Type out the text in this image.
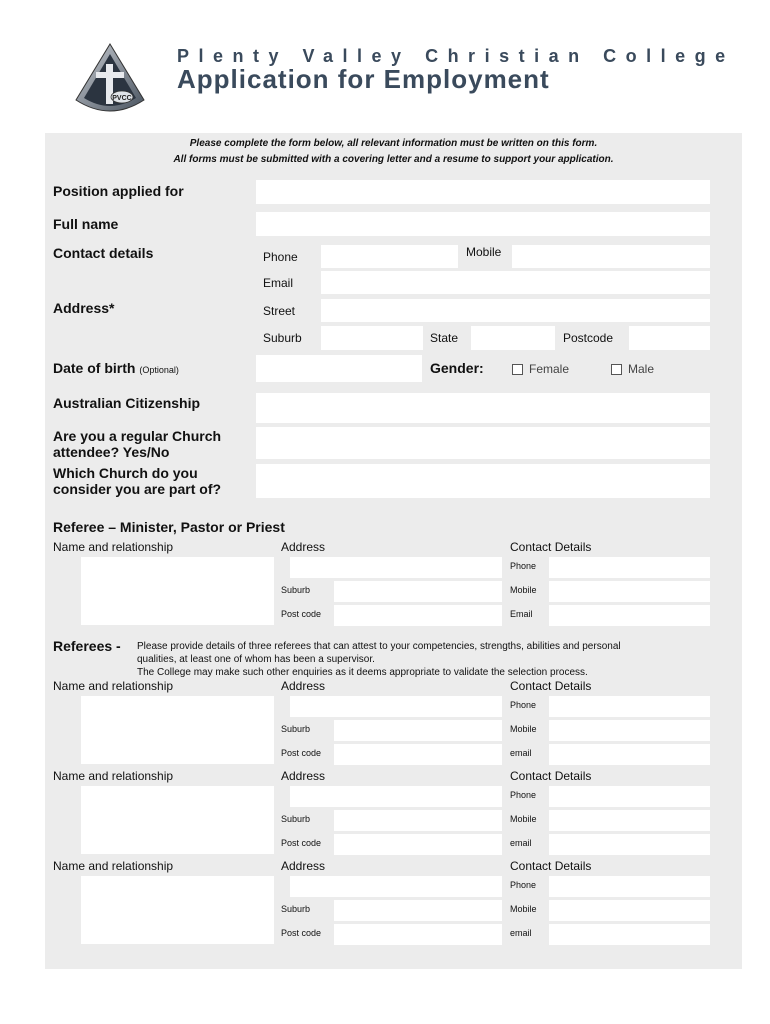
PVCC
Plenty Valley Christian College
Application for Employment
Please complete the form below, all relevant information must be written on this form.
All forms must be submitted with a covering letter and a resume to support your application.
Position applied for
Full name
Contact details	Phone	Mobile
Email
Address*	Street
Suburb	State	Postcode
Date of birth (Optional)	Gender:	Female	Male
Australian Citizenship
Are you a regular Church
attendee? Yes/No
Which Church do you
consider you are part of?
Referee – Minister, Pastor or Priest
Name and relationship	Address	Contact Details
Phone
Suburb	Mobile
Post code	Email
Referees - Please provide details of three referees that can attest to your competencies, strengths, abilities and personal
qualities, at least one of whom has been a supervisor.
The College may make such other enquiries as it deems appropriate to validate the selection process.
Name and relationship	Address	Contact Details
Phone
Suburb	Mobile
Post code	email
Name and relationship	Address	Contact Details
Phone
Suburb	Mobile
Post code	email
Name and relationship	Address	Contact Details
Phone
Suburb	Mobile
Post code	email
